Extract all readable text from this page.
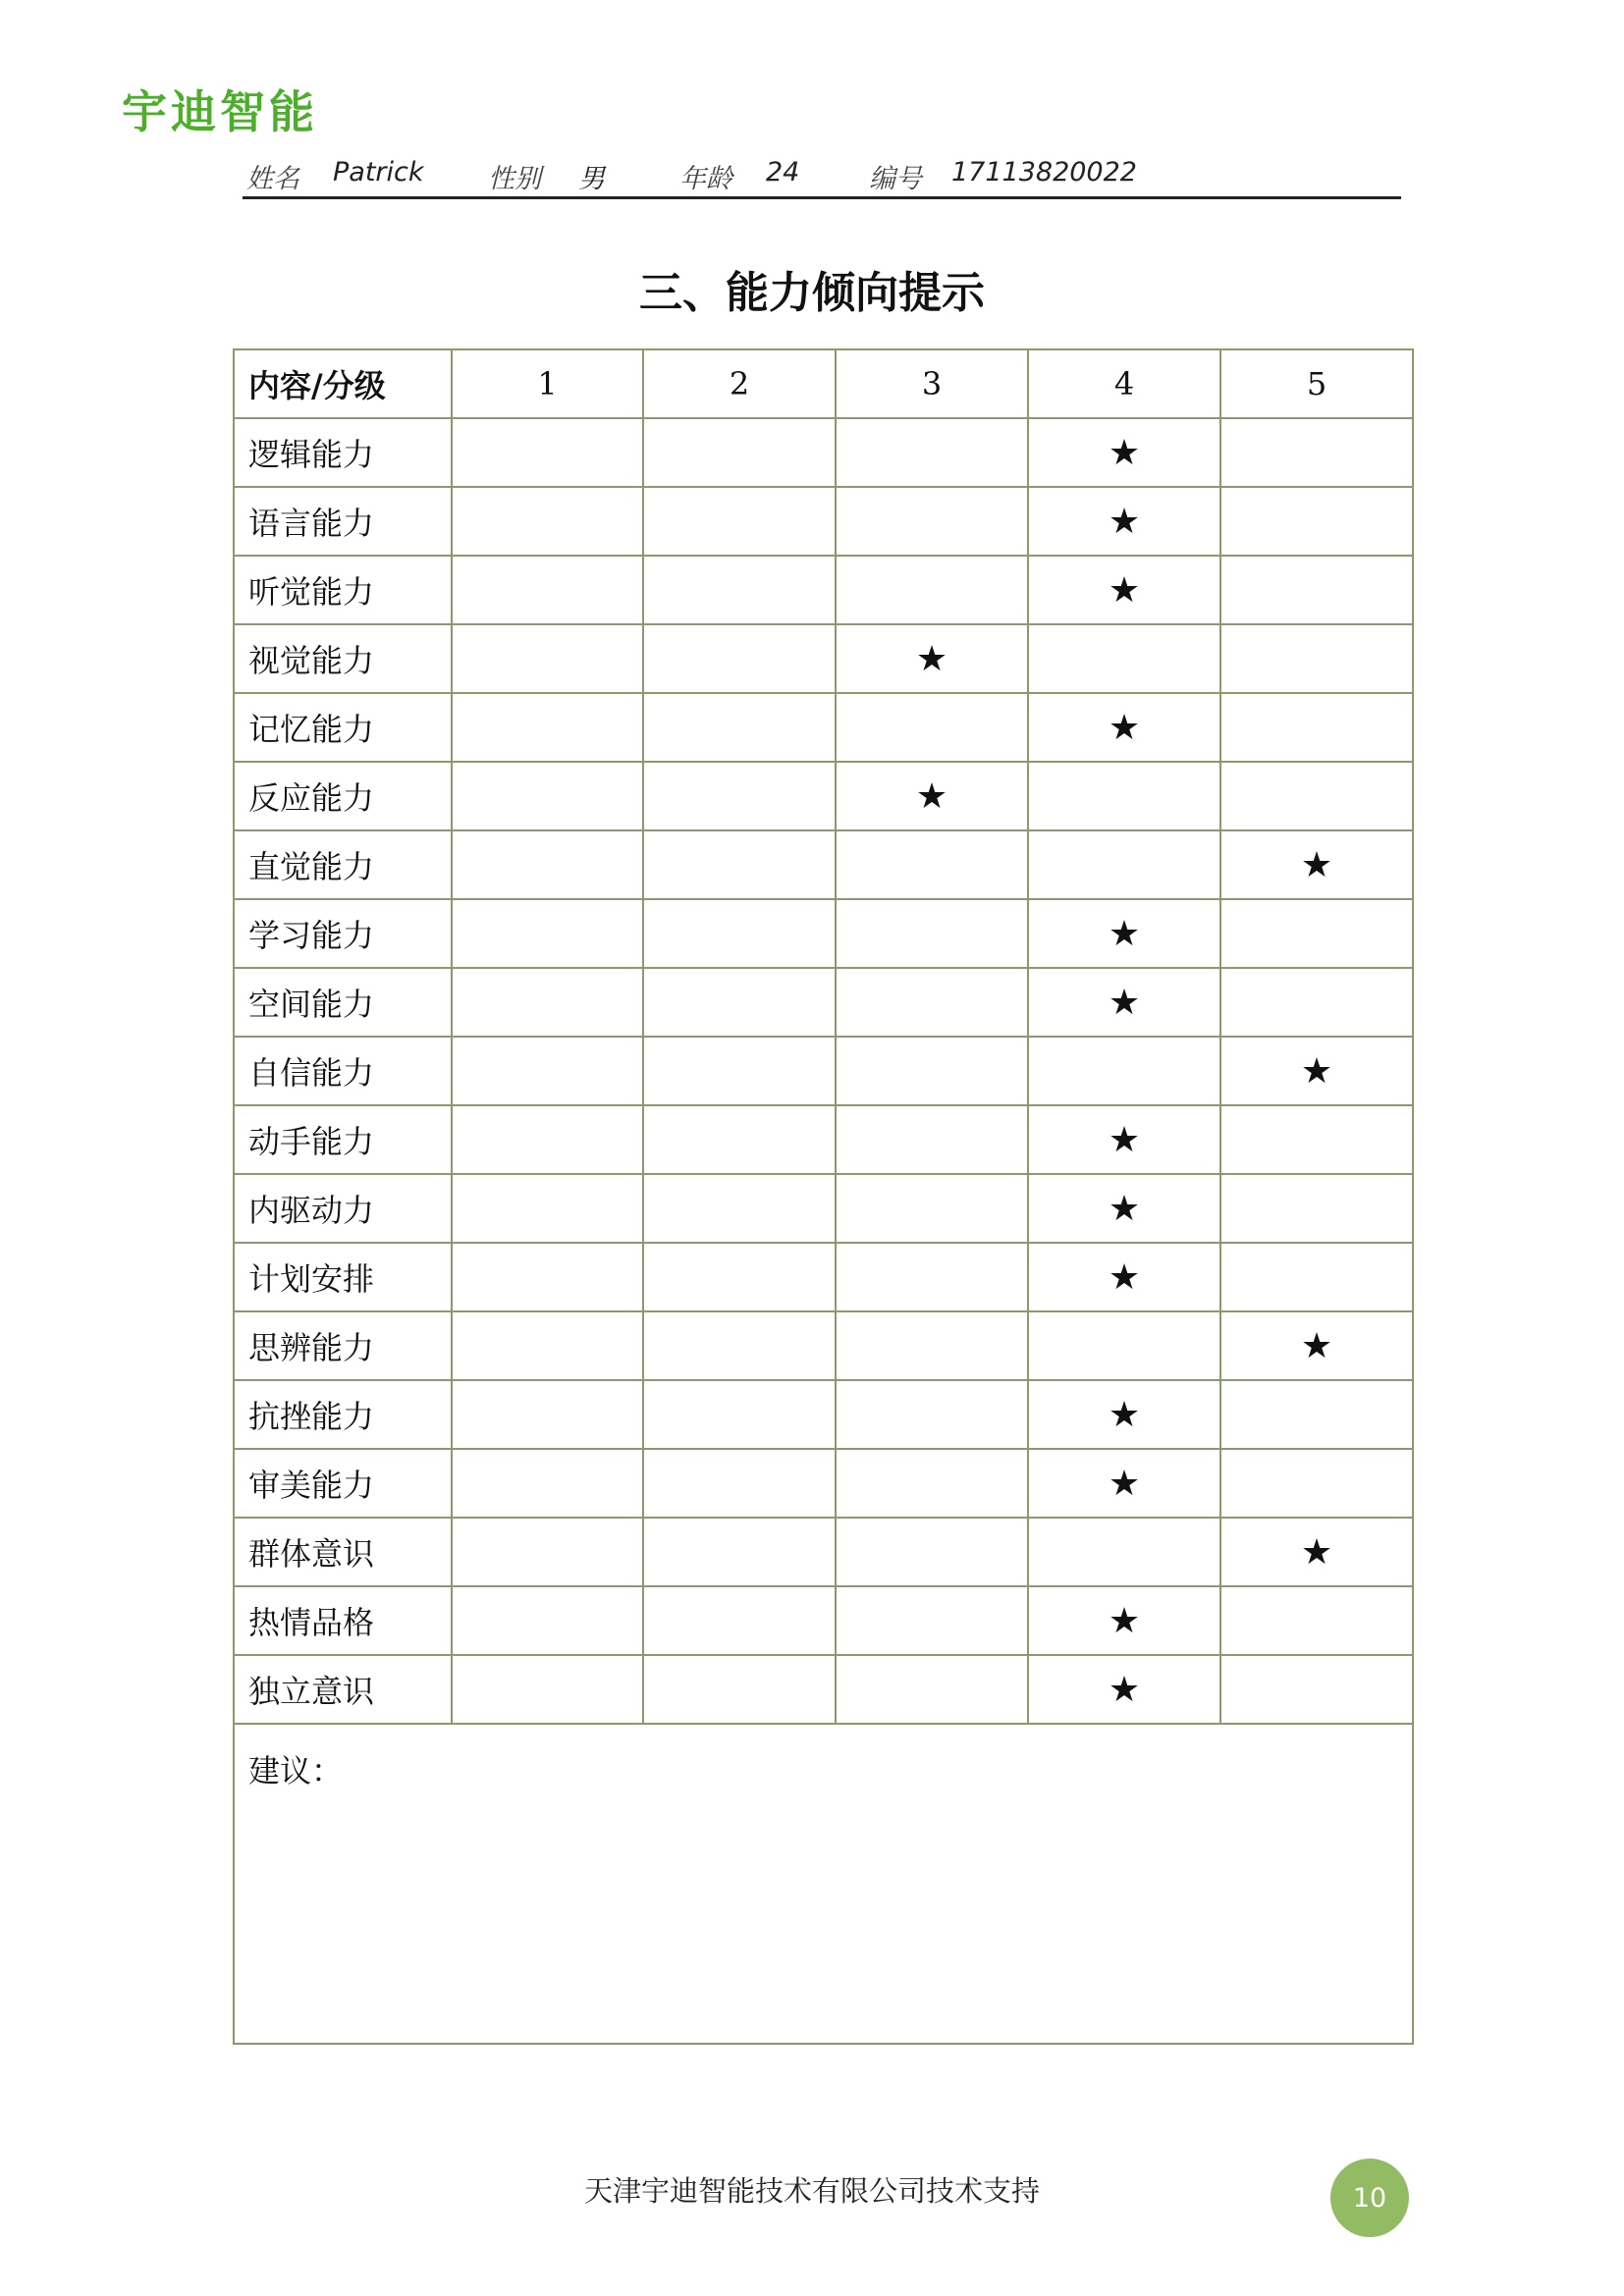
宇迪智能
姓名 Patrick 性别 男	年龄 24	编号 17113820022
三、能力倾向提示
内容/分级	1	2	3	4	5
逻辑能力				★	
语言能力				★	
听觉能力				★	
视觉能力			★		
记忆能力				★	
反应能力			★		
直觉能力					★
学习能力				★	
空间能力				★	
自信能力					★
动手能力				★	
内驱动力				★	
计划安排				★	
思辨能力					★
抗挫能力				★	
审美能力				★	
群体意识					★
热情品格				★	
独立意识				★	
建议：					
天津宇迪智能技术有限公司技术支持	10
